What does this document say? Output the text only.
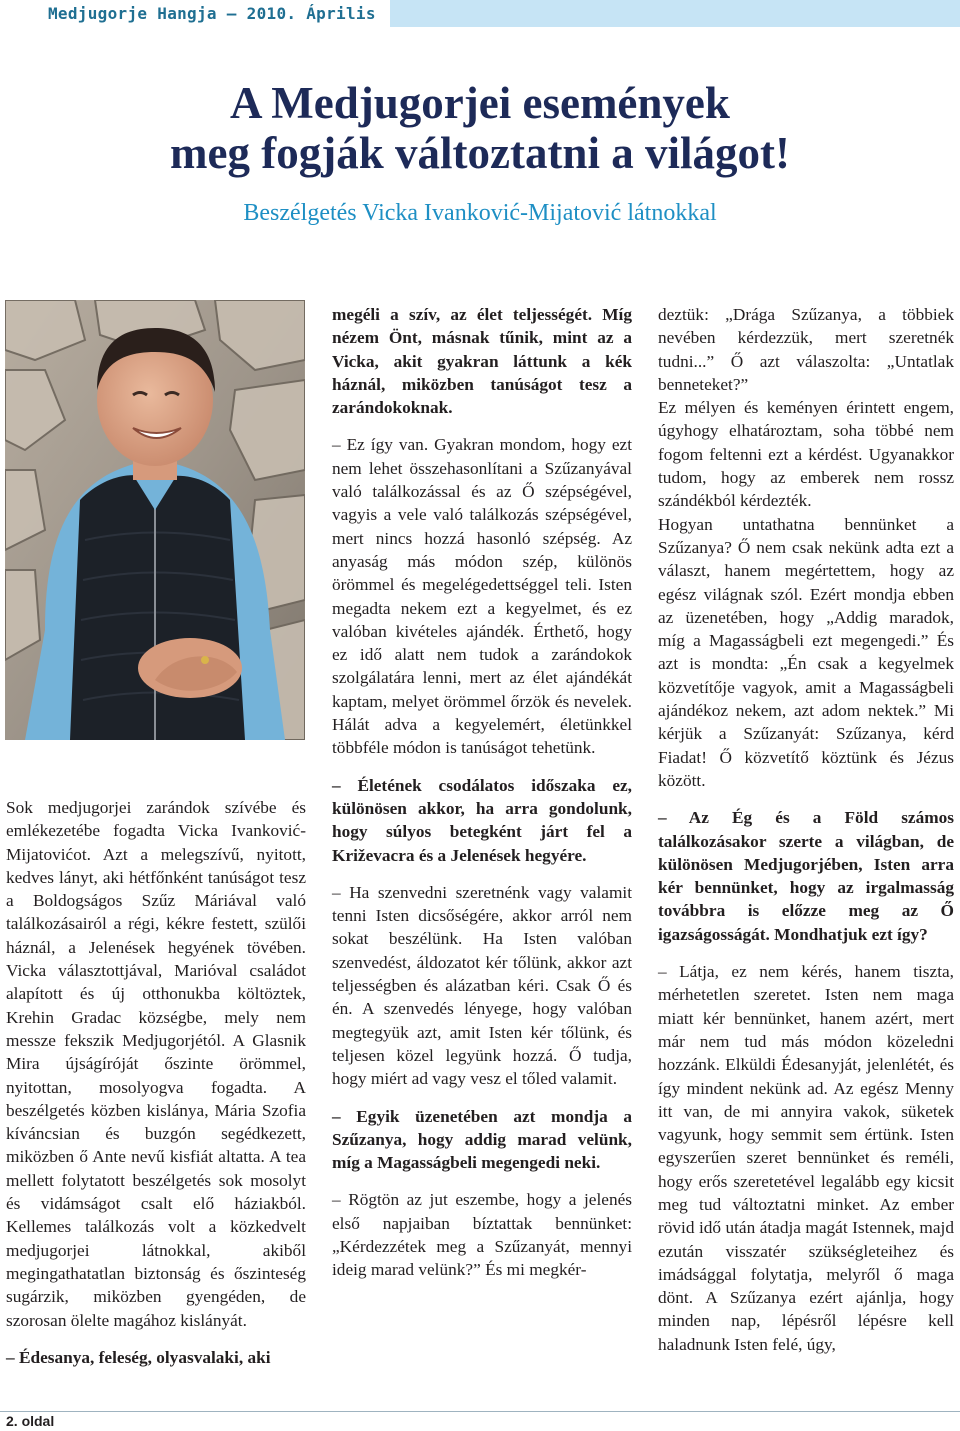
Medjugorje Hangja – 2010. Április
A Medjugorjei események
meg fogják változtatni a világot!
Beszélgetés Vicka Ivanković-Mijatović látnokkal

Sok medjugorjei zarándok szívébe és emlékezetébe fogadta Vicka Ivanković-Mijatovićot. Azt a melegszívű, nyitott, kedves lányt, aki hétfőnként tanúságot tesz a Boldogságos Szűz Máriával való találkozásairól a régi, kékre festett, szülői háznál, a Jelenések hegyének tövében. Vicka választottjával, Marióval családot alapított és új otthonukba költöztek, Krehin Gradac községbe, mely nem messze fekszik Medjugorjétól. A Glasnik Mira újságíróját őszinte örömmel, nyitottan, mosolyogva fogadta. A beszélgetés közben kislánya, Mária Szofia kíváncsian és buzgón segédkezett, miközben ő Ante nevű kisfiát altatta. A tea mellett folytatott beszélgetés sok mosolyt és vidámságot csalt elő háziakból. Kellemes találkozás volt a közkedvelt medjugorjei látnokkal, akiből megingathatatlan biztonság és őszinteség sugárzik, miközben gyengéden, de szorosan ölelte magához kislányát.

– Édesanya, feleség, olyasvalaki, aki

megéli a szív, az élet teljességét. Míg nézem Önt, másnak tűnik, mint az a Vicka, akit gyakran láttunk a kék háznál, miközben tanúságot tesz a zarándokoknak.

– Ez így van. Gyakran mondom, hogy ezt nem lehet összehasonlítani a Szűzanyával való találkozással és az Ő szépségével, vagyis a vele való találkozás szépségével, mert nincs hozzá hasonló szépség. Az anyaság más módon szép, különös örömmel és megelégedettséggel teli. Isten megadta nekem ezt a kegyelmet, és ez valóban kivételes ajándék. Érthető, hogy ez idő alatt nem tudok a zarándokok szolgálatára lenni, mert az élet ajándékát kaptam, melyet örömmel őrzök és nevelek. Hálát adva a kegyelemért, életünkkel többféle módon is tanúságot tehetünk.

– Életének csodálatos időszaka ez, különösen akkor, ha arra gondolunk, hogy súlyos betegként járt fel a Križevacra és a Jelenések hegyére.

– Ha szenvedni szeretnénk vagy valamit tenni Isten dicsőségére, akkor arról nem sokat beszélünk. Ha Isten valóban szenvedést, áldozatot kér tőlünk, akkor azt teljességben és alázatban kéri. Csak Ő és én. A szenvedés lényege, hogy valóban megtegyük azt, amit Isten kér tőlünk, és teljesen közel legyünk hozzá. Ő tudja, hogy miért ad vagy vesz el tőled valamit.

– Egyik üzenetében azt mondja a Szűzanya, hogy addig marad velünk, míg a Magasságbeli megengedi neki.

– Rögtön az jut eszembe, hogy a jelenés első napjaiban bíztattak bennünket: „Kérdezzétek meg a Szűzanyát, mennyi ideig marad velünk?” És mi megkér-

deztük: „Drága Szűzanya, a többiek nevében kérdezzük, mert szeretnék tudni...” Ő azt válaszolta: „Untatlak benneteket?”

Ez mélyen és keményen érintett engem, úgyhogy elhatároztam, soha többé nem fogom feltenni ezt a kérdést. Ugyanakkor tudom, hogy az emberek nem rossz szándékból kérdezték.

Hogyan untathatna bennünket a Szűzanya? Ő nem csak nekünk adta ezt a választ, hanem megértettem, hogy az egész világnak szól. Ezért mondja ebben az üzenetében, hogy „Addig maradok, míg a Magasságbeli ezt megengedi.” És azt is mondta: „Én csak a kegyelmek közvetítője vagyok, amit a Magasságbeli ajándékoz nekem, azt adom nektek.” Mi kérjük a Szűzanyát: Szűzanya, kérd Fiadat! Ő közvetítő köztünk és Jézus között.

– Az Ég és a Föld számos találkozásakor szerte a világban, de különösen Medjugorjében, Isten arra kér bennünket, hogy az irgalmasság továbbra is előzze meg az Ő igazságosságát. Mondhatjuk ezt így?

– Látja, ez nem kérés, hanem tiszta, mérhetetlen szeretet. Isten nem maga miatt kér bennünket, hanem azért, mert már nem tud más módon közeledni hozzánk. Elküldi Édesanyját, jelenlétét, és így mindent nekünk ad. Az egész Menny itt van, de mi annyira vakok, süketek vagyunk, hogy semmit sem értünk. Isten egyszerűen szeret bennünket és reméli, hogy erős szeretetével legalább egy kicsit meg tud változtatni minket. Az ember rövid idő után átadja magát Istennek, majd ezután visszatér szükségleteihez és imádsággal folytatja, melyről ő maga dönt. A Szűzanya ezért ajánlja, hogy minden nap, lépésről lépésre kell haladnunk Isten felé, úgy,

2. oldal
